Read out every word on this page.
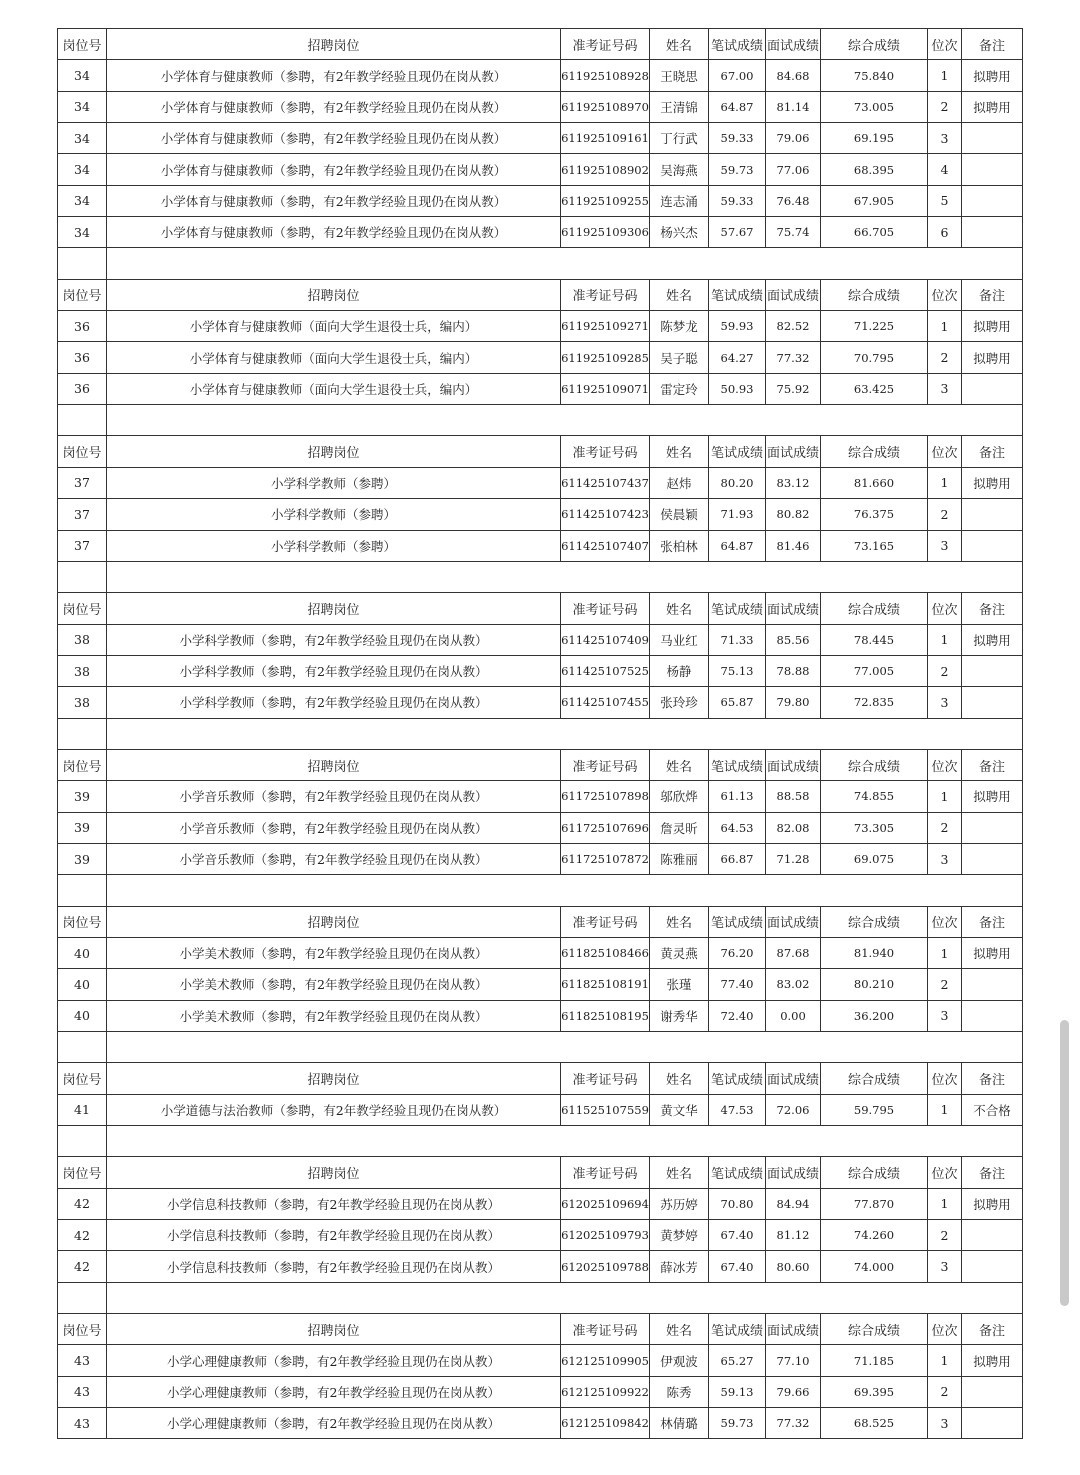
岗位号	招聘岗位	准考证号码	姓名	笔试成绩	面试成绩	综合成绩	位次	备注
34	小学体育与健康教师（参聘，有2年教学经验且现仍在岗从教）	611925108928	王晓思	67.00	84.68	75.840	1	拟聘用
34	小学体育与健康教师（参聘，有2年教学经验且现仍在岗从教）	611925108970	王清锦	64.87	81.14	73.005	2	拟聘用
34	小学体育与健康教师（参聘，有2年教学经验且现仍在岗从教）	611925109161	丁行武	59.33	79.06	69.195	3	
34	小学体育与健康教师（参聘，有2年教学经验且现仍在岗从教）	611925108902	吴海燕	59.73	77.06	68.395	4	
34	小学体育与健康教师（参聘，有2年教学经验且现仍在岗从教）	611925109255	连志涌	59.33	76.48	67.905	5	
34	小学体育与健康教师（参聘，有2年教学经验且现仍在岗从教）	611925109306	杨兴杰	57.67	75.74	66.705	6	

岗位号	招聘岗位	准考证号码	姓名	笔试成绩	面试成绩	综合成绩	位次	备注
36	小学体育与健康教师（面向大学生退役士兵，编内）	611925109271	陈梦龙	59.93	82.52	71.225	1	拟聘用
36	小学体育与健康教师（面向大学生退役士兵，编内）	611925109285	吴子聪	64.27	77.32	70.795	2	拟聘用
36	小学体育与健康教师（面向大学生退役士兵，编内）	611925109071	雷定玲	50.93	75.92	63.425	3	

岗位号	招聘岗位	准考证号码	姓名	笔试成绩	面试成绩	综合成绩	位次	备注
37	小学科学教师（参聘）	611425107437	赵炜	80.20	83.12	81.660	1	拟聘用
37	小学科学教师（参聘）	611425107423	侯晨颖	71.93	80.82	76.375	2	
37	小学科学教师（参聘）	611425107407	张柏林	64.87	81.46	73.165	3	

岗位号	招聘岗位	准考证号码	姓名	笔试成绩	面试成绩	综合成绩	位次	备注
38	小学科学教师（参聘，有2年教学经验且现仍在岗从教）	611425107409	马业红	71.33	85.56	78.445	1	拟聘用
38	小学科学教师（参聘，有2年教学经验且现仍在岗从教）	611425107525	杨静	75.13	78.88	77.005	2	
38	小学科学教师（参聘，有2年教学经验且现仍在岗从教）	611425107455	张玲珍	65.87	79.80	72.835	3	

岗位号	招聘岗位	准考证号码	姓名	笔试成绩	面试成绩	综合成绩	位次	备注
39	小学音乐教师（参聘，有2年教学经验且现仍在岗从教）	611725107898	邬欣烨	61.13	88.58	74.855	1	拟聘用
39	小学音乐教师（参聘，有2年教学经验且现仍在岗从教）	611725107696	詹灵昕	64.53	82.08	73.305	2	
39	小学音乐教师（参聘，有2年教学经验且现仍在岗从教）	611725107872	陈雅丽	66.87	71.28	69.075	3	

岗位号	招聘岗位	准考证号码	姓名	笔试成绩	面试成绩	综合成绩	位次	备注
40	小学美术教师（参聘，有2年教学经验且现仍在岗从教）	611825108466	黄灵燕	76.20	87.68	81.940	1	拟聘用
40	小学美术教师（参聘，有2年教学经验且现仍在岗从教）	611825108191	张瑾	77.40	83.02	80.210	2	
40	小学美术教师（参聘，有2年教学经验且现仍在岗从教）	611825108195	谢秀华	72.40	0.00	36.200	3	

岗位号	招聘岗位	准考证号码	姓名	笔试成绩	面试成绩	综合成绩	位次	备注
41	小学道德与法治教师（参聘，有2年教学经验且现仍在岗从教）	611525107559	黄文华	47.53	72.06	59.795	1	不合格

岗位号	招聘岗位	准考证号码	姓名	笔试成绩	面试成绩	综合成绩	位次	备注
42	小学信息科技教师（参聘，有2年教学经验且现仍在岗从教）	612025109694	苏历婷	70.80	84.94	77.870	1	拟聘用
42	小学信息科技教师（参聘，有2年教学经验且现仍在岗从教）	612025109793	黄梦婷	67.40	81.12	74.260	2	
42	小学信息科技教师（参聘，有2年教学经验且现仍在岗从教）	612025109788	薛冰芳	67.40	80.60	74.000	3	

岗位号	招聘岗位	准考证号码	姓名	笔试成绩	面试成绩	综合成绩	位次	备注
43	小学心理健康教师（参聘，有2年教学经验且现仍在岗从教）	612125109905	伊观波	65.27	77.10	71.185	1	拟聘用
43	小学心理健康教师（参聘，有2年教学经验且现仍在岗从教）	612125109922	陈秀	59.13	79.66	69.395	2	
43	小学心理健康教师（参聘，有2年教学经验且现仍在岗从教）	612125109842	林倩璐	59.73	77.32	68.525	3	
